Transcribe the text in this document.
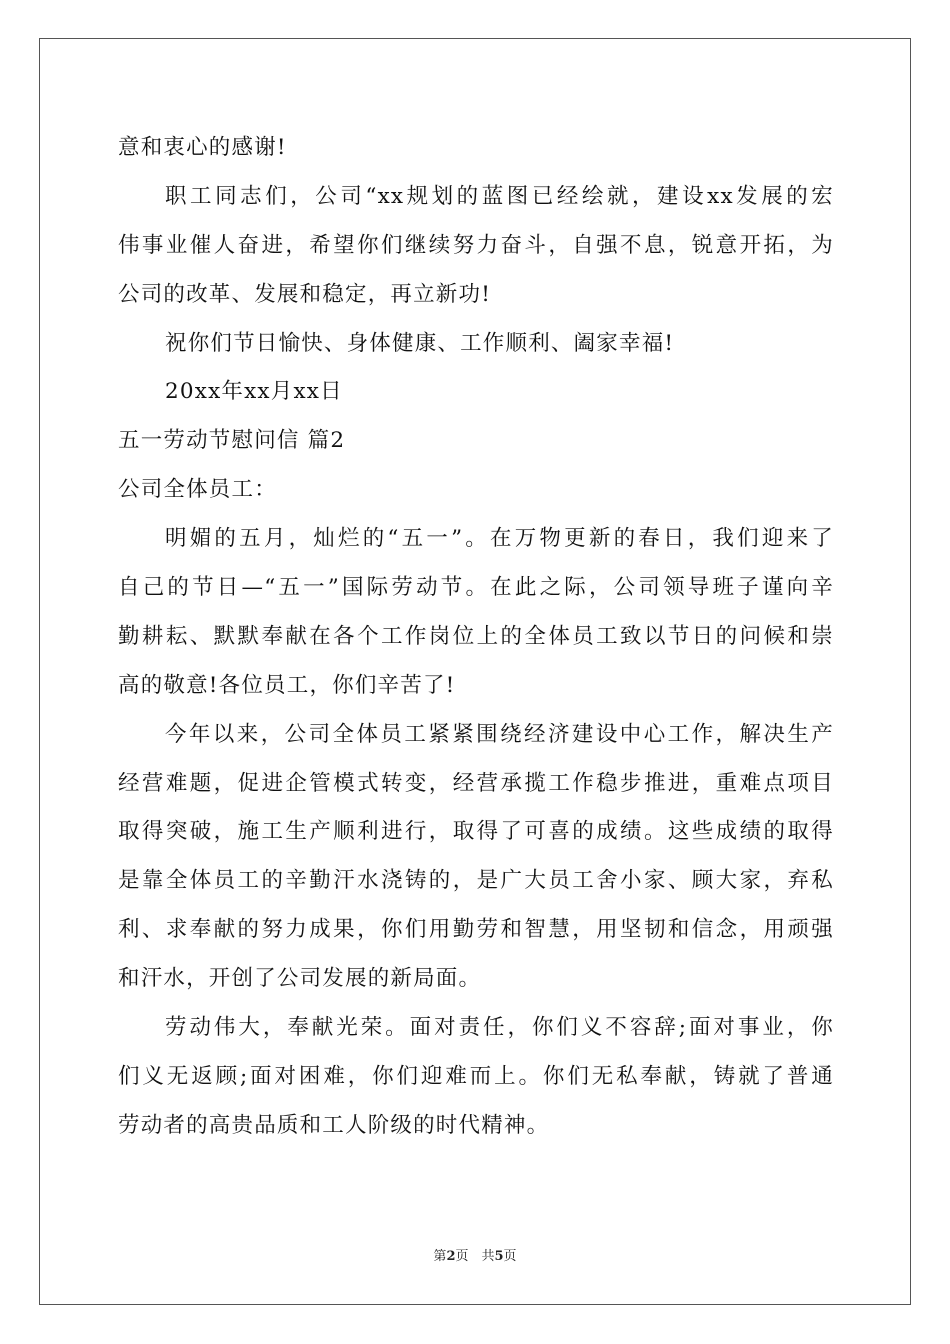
意和衷心的感谢!
职工同志们，公司“xx规划的蓝图已经绘就，建设xx发展的宏
伟事业催人奋进，希望你们继续努力奋斗，自强不息，锐意开拓，为
公司的改革、发展和稳定，再立新功!
祝你们节日愉快、身体健康、工作顺利、阖家幸福!
20xx年xx月xx日
五一劳动节慰问信 篇2
公司全体员工：
明媚的五月，灿烂的“五一”。在万物更新的春日，我们迎来了
自己的节日—“五一”国际劳动节。在此之际，公司领导班子谨向辛
勤耕耘、默默奉献在各个工作岗位上的全体员工致以节日的问候和崇
高的敬意!各位员工，你们辛苦了!
今年以来，公司全体员工紧紧围绕经济建设中心工作，解决生产
经营难题，促进企管模式转变，经营承揽工作稳步推进，重难点项目
取得突破，施工生产顺利进行，取得了可喜的成绩。这些成绩的取得
是靠全体员工的辛勤汗水浇铸的，是广大员工舍小家、顾大家，弃私
利、求奉献的努力成果，你们用勤劳和智慧，用坚韧和信念，用顽强
和汗水，开创了公司发展的新局面。
劳动伟大，奉献光荣。面对责任，你们义不容辞;面对事业，你
们义无返顾;面对困难，你们迎难而上。你们无私奉献，铸就了普通
劳动者的高贵品质和工人阶级的时代精神。
第2页　共5页
